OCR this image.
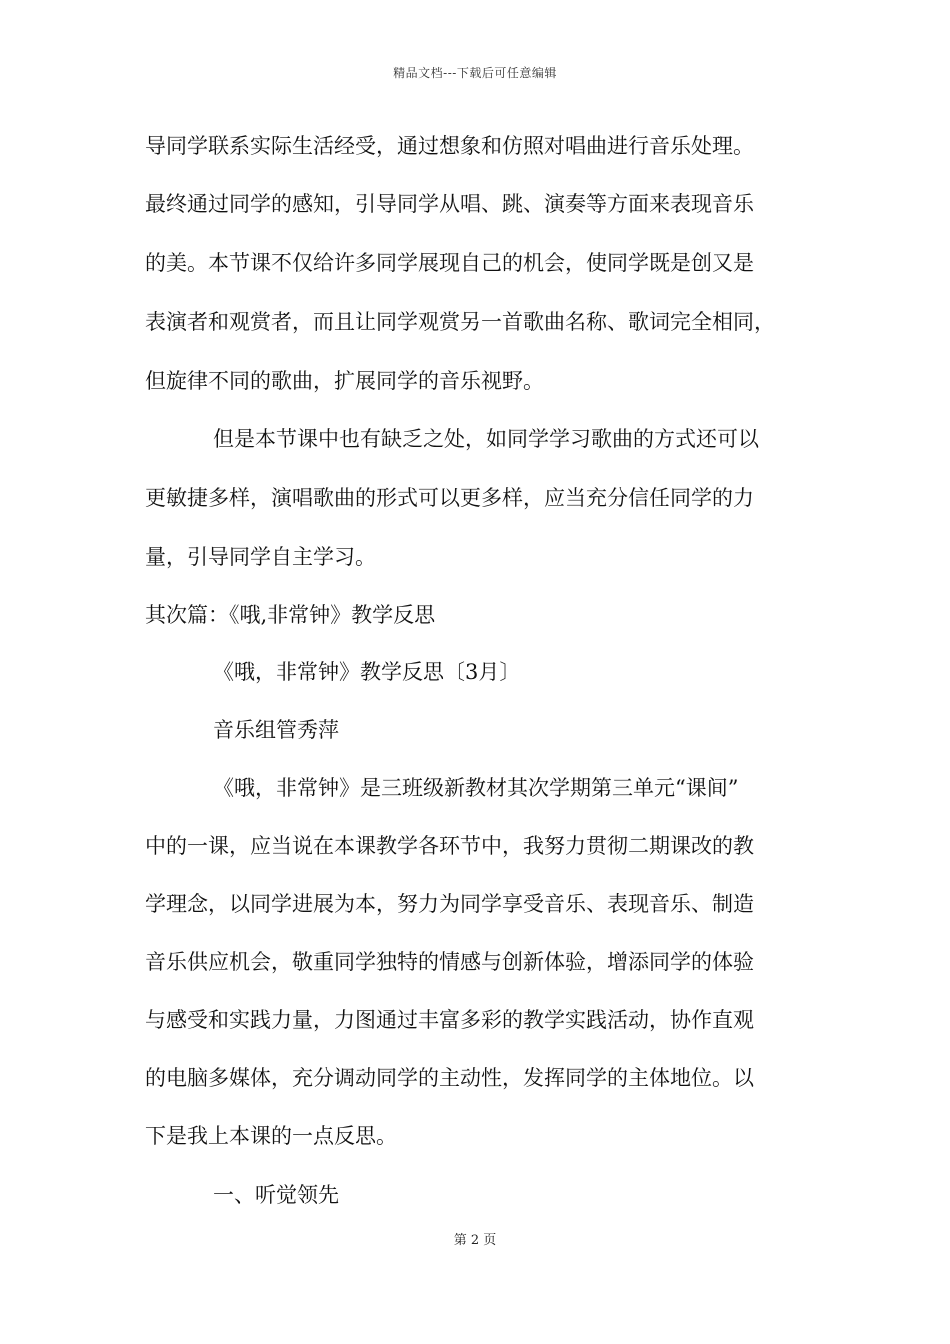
精品文档---下载后可任意编辑

导同学联系实际生活经受，通过想象和仿照对唱曲进行音乐处理。

最终通过同学的感知，引导同学从唱、跳、演奏等方面来表现音乐

的美。本节课不仅给许多同学展现自己的机会，使同学既是创又是

表演者和观赏者，而且让同学观赏另一首歌曲名称、歌词完全相同，

但旋律不同的歌曲，扩展同学的音乐视野。

但是本节课中也有缺乏之处，如同学学习歌曲的方式还可以

更敏捷多样，演唱歌曲的形式可以更多样，应当充分信任同学的力

量，引导同学自主学习。

其次篇：《哦,非常钟》教学反思

《哦，非常钟》教学反思〔3月〕

音乐组管秀萍

《哦，非常钟》是三班级新教材其次学期第三单元“课间”

中的一课，应当说在本课教学各环节中，我努力贯彻二期课改的教

学理念，以同学进展为本，努力为同学享受音乐、表现音乐、制造

音乐供应机会，敬重同学独特的情感与创新体验，增添同学的体验

与感受和实践力量，力图通过丰富多彩的教学实践活动，协作直观

的电脑多媒体，充分调动同学的主动性，发挥同学的主体地位。以

下是我上本课的一点反思。

一、听觉领先

第 2 页
